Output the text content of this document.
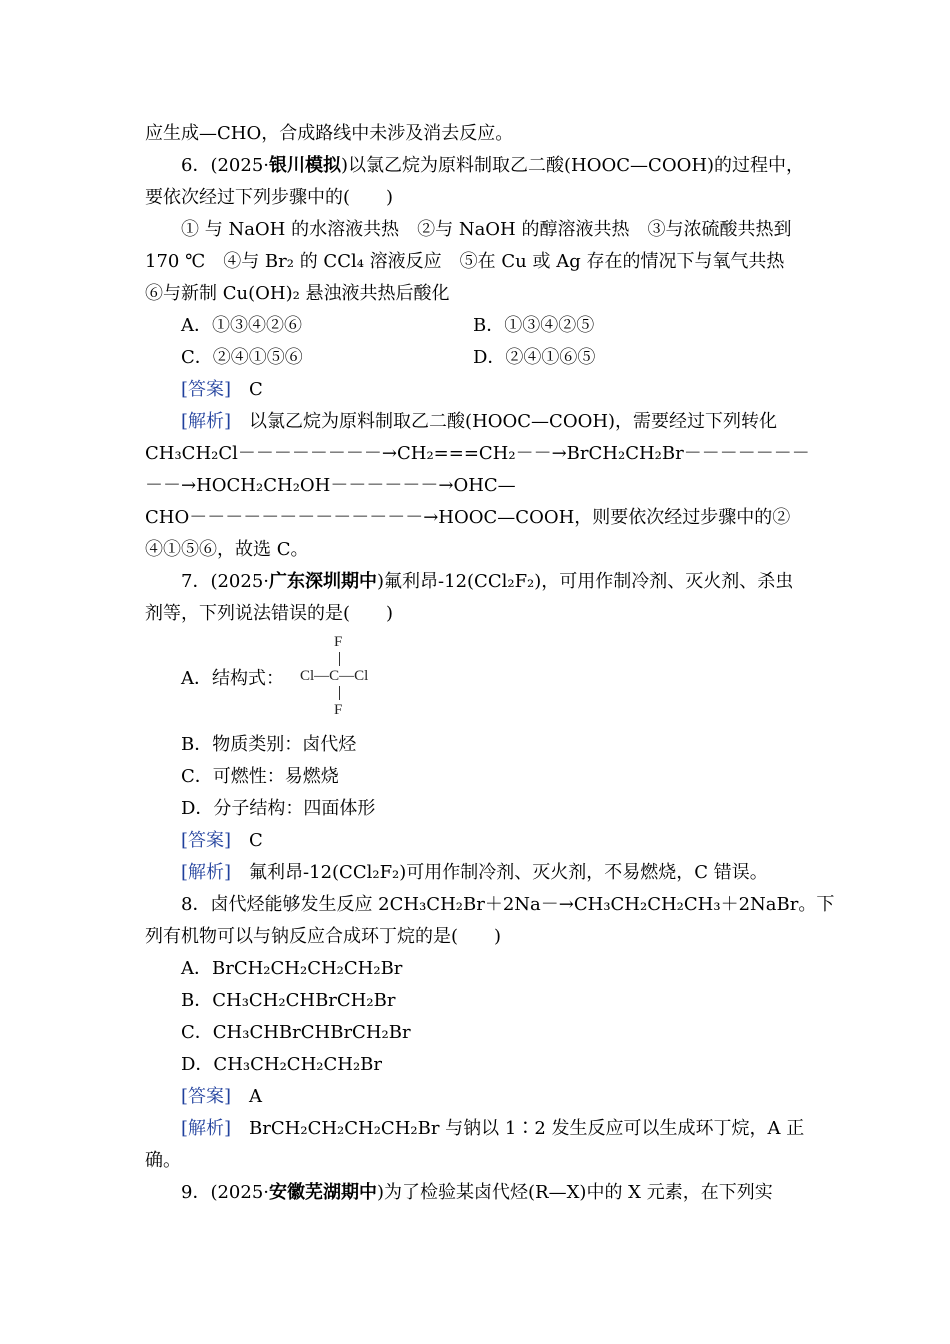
应生成—CHO，合成路线中未涉及消去反应。
6．(2025·银川模拟)以氯乙烷为原料制取乙二酸(HOOC—COOH)的过程中，
要依次经过下列步骤中的(　　)
① 与 NaOH 的水溶液共热　②与 NaOH 的醇溶液共热　③与浓硫酸共热到
170 ℃　④与 Br₂ 的 CCl₄ 溶液反应　⑤在 Cu 或 Ag 存在的情况下与氧气共热
⑥与新制 Cu(OH)₂ 悬浊液共热后酸化
A．①③④②⑥	B．①③④②⑤
C．②④①⑤⑥	D．②④①⑥⑤
[答案]　 C
[解析]　 以氯乙烷为原料制取乙二酸(HOOC—COOH)，需要经过下列转化
CH₃CH₂Cl－－－－－－－－→CH₂===CH₂－－→BrCH₂CH₂Br－－－－－－－
－－→HOCH₂CH₂OH－－－－－－→OHC—
CHO－－－－－－－－－－－－－→HOOC—COOH，则要依次经过步骤中的②
④①⑤⑥，故选 C。
7．(2025·广东深圳期中)氟利昂-12(CCl₂F₂)，可用作制冷剂、灭火剂、杀虫
剂等，下列说法错误的是(　　)
A．结构式：
F
Cl—C—Cl
F
B．物质类别：卤代烃
C．可燃性：易燃烧
D．分子结构：四面体形
[答案]　 C
[解析]　 氟利昂-12(CCl₂F₂)可用作制冷剂、灭火剂，不易燃烧，C 错误。
8．卤代烃能够发生反应 2CH₃CH₂Br＋2Na－→CH₃CH₂CH₂CH₃＋2NaBr。下
列有机物可以与钠反应合成环丁烷的是(　　)
A．BrCH₂CH₂CH₂CH₂Br
B．CH₃CH₂CHBrCH₂Br
C．CH₃CHBrCHBrCH₂Br
D．CH₃CH₂CH₂CH₂Br
[答案]　 A
[解析]　 BrCH₂CH₂CH₂CH₂Br 与钠以 1∶2 发生反应可以生成环丁烷，A 正
确。
9．(2025·安徽芜湖期中)为了检验某卤代烃(R—X)中的 X 元素，在下列实
